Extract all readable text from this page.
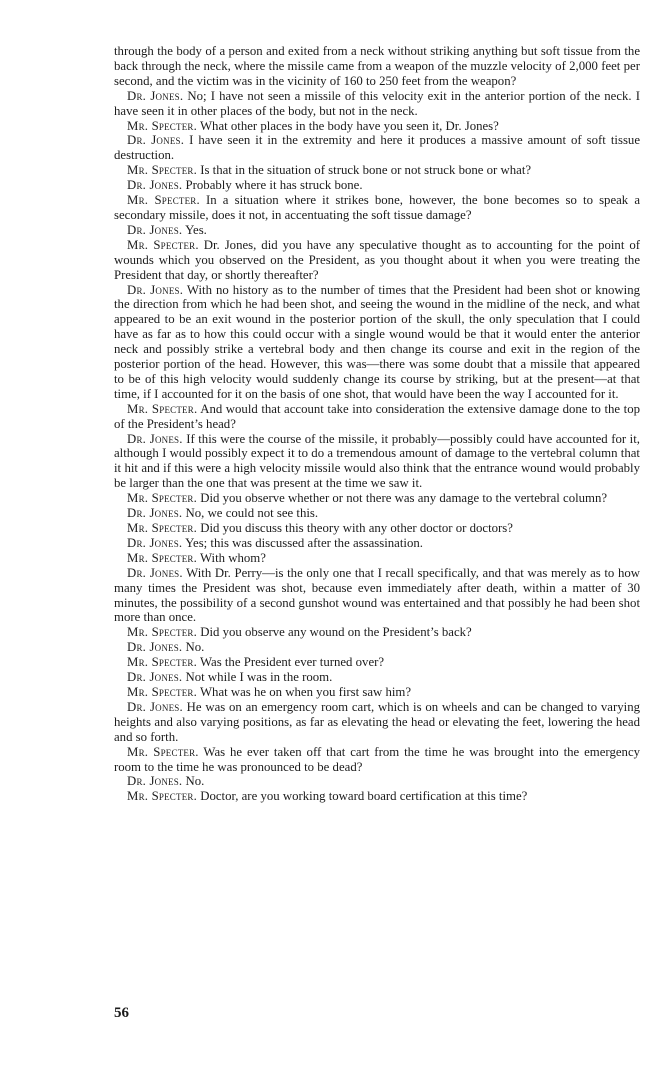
through the body of a person and exited from a neck without striking anything but soft tissue from the back through the neck, where the missile came from a weapon of the muzzle velocity of 2,000 feet per second, and the victim was in the vicinity of 160 to 250 feet from the weapon?

Dr. Jones. No; I have not seen a missile of this velocity exit in the anterior portion of the neck. I have seen it in other places of the body, but not in the neck.

Mr. Specter. What other places in the body have you seen it, Dr. Jones?

Dr. Jones. I have seen it in the extremity and here it produces a massive amount of soft tissue destruction.

Mr. Specter. Is that in the situation of struck bone or not struck bone or what?

Dr. Jones. Probably where it has struck bone.

Mr. Specter. In a situation where it strikes bone, however, the bone becomes so to speak a secondary missile, does it not, in accentuating the soft tissue damage?

Dr. Jones. Yes.

Mr. Specter. Dr. Jones, did you have any speculative thought as to accounting for the point of wounds which you observed on the President, as you thought about it when you were treating the President that day, or shortly thereafter?

Dr. Jones. With no history as to the number of times that the President had been shot or knowing the direction from which he had been shot, and seeing the wound in the midline of the neck, and what appeared to be an exit wound in the posterior portion of the skull, the only speculation that I could have as far as to how this could occur with a single wound would be that it would enter the anterior neck and possibly strike a vertebral body and then change its course and exit in the region of the posterior portion of the head. However, this was—there was some doubt that a missile that appeared to be of this high velocity would suddenly change its course by striking, but at the present—at that time, if I accounted for it on the basis of one shot, that would have been the way I accounted for it.

Mr. Specter. And would that account take into consideration the extensive damage done to the top of the President’s head?

Dr. Jones. If this were the course of the missile, it probably—possibly could have accounted for it, although I would possibly expect it to do a tremendous amount of damage to the vertebral column that it hit and if this were a high velocity missile would also think that the entrance wound would probably be larger than the one that was present at the time we saw it.

Mr. Specter. Did you observe whether or not there was any damage to the vertebral column?

Dr. Jones. No, we could not see this.

Mr. Specter. Did you discuss this theory with any other doctor or doctors?

Dr. Jones. Yes; this was discussed after the assassination.

Mr. Specter. With whom?

Dr. Jones. With Dr. Perry—is the only one that I recall specifically, and that was merely as to how many times the President was shot, because even immediately after death, within a matter of 30 minutes, the possibility of a second gunshot wound was entertained and that possibly he had been shot more than once.

Mr. Specter. Did you observe any wound on the President’s back?

Dr. Jones. No.

Mr. Specter. Was the President ever turned over?

Dr. Jones. Not while I was in the room.

Mr. Specter. What was he on when you first saw him?

Dr. Jones. He was on an emergency room cart, which is on wheels and can be changed to varying heights and also varying positions, as far as elevating the head or elevating the feet, lowering the head and so forth.

Mr. Specter. Was he ever taken off that cart from the time he was brought into the emergency room to the time he was pronounced to be dead?

Dr. Jones. No.

Mr. Specter. Doctor, are you working toward board certification at this time?

56
